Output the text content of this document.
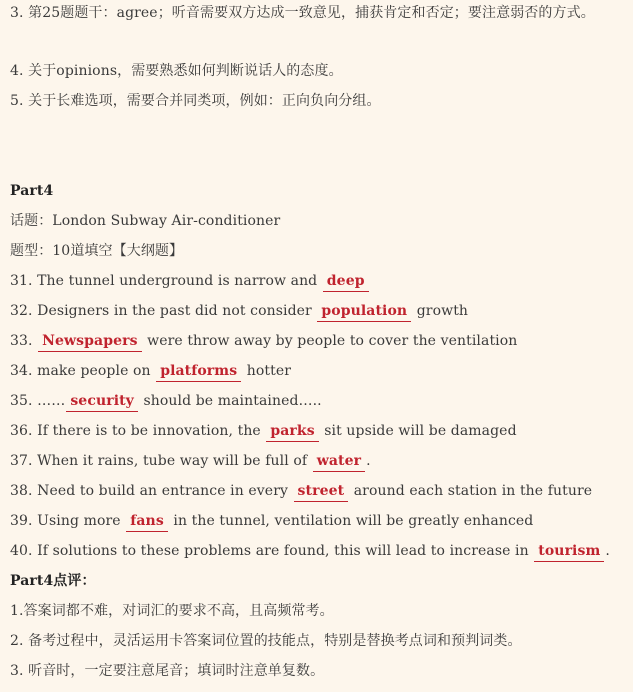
3. 第25题题干：agree；听音需要双方达成一致意见，捕获肯定和否定；要注意弱否的方式。
4. 关于opinions，需要熟悉如何判断说话人的态度。
5. 关于长难选项，需要合并同类项，例如：正向负向分组。
Part4
话题：London Subway Air-conditioner
题型：10道填空【大纲题】
31. The tunnel underground is narrow and deep
32. Designers in the past did not consider population growth
33. Newspapers were throw away by people to cover the ventilation
34. make people on platforms hotter
35. …… security should be maintained…..
36. If there is to be innovation, the parks sit upside will be damaged
37. When it rains, tube way will be full of water .
38. Need to build an entrance in every street around each station in the future
39. Using more fans in the tunnel, ventilation will be greatly enhanced
40. If solutions to these problems are found, this will lead to increase in tourism .
Part4点评：
1.答案词都不难，对词汇的要求不高，且高频常考。
2. 备考过程中，灵活运用卡答案词位置的技能点，特别是替换考点词和预判词类。
3. 听音时，一定要注意尾音；填词时注意单复数。
